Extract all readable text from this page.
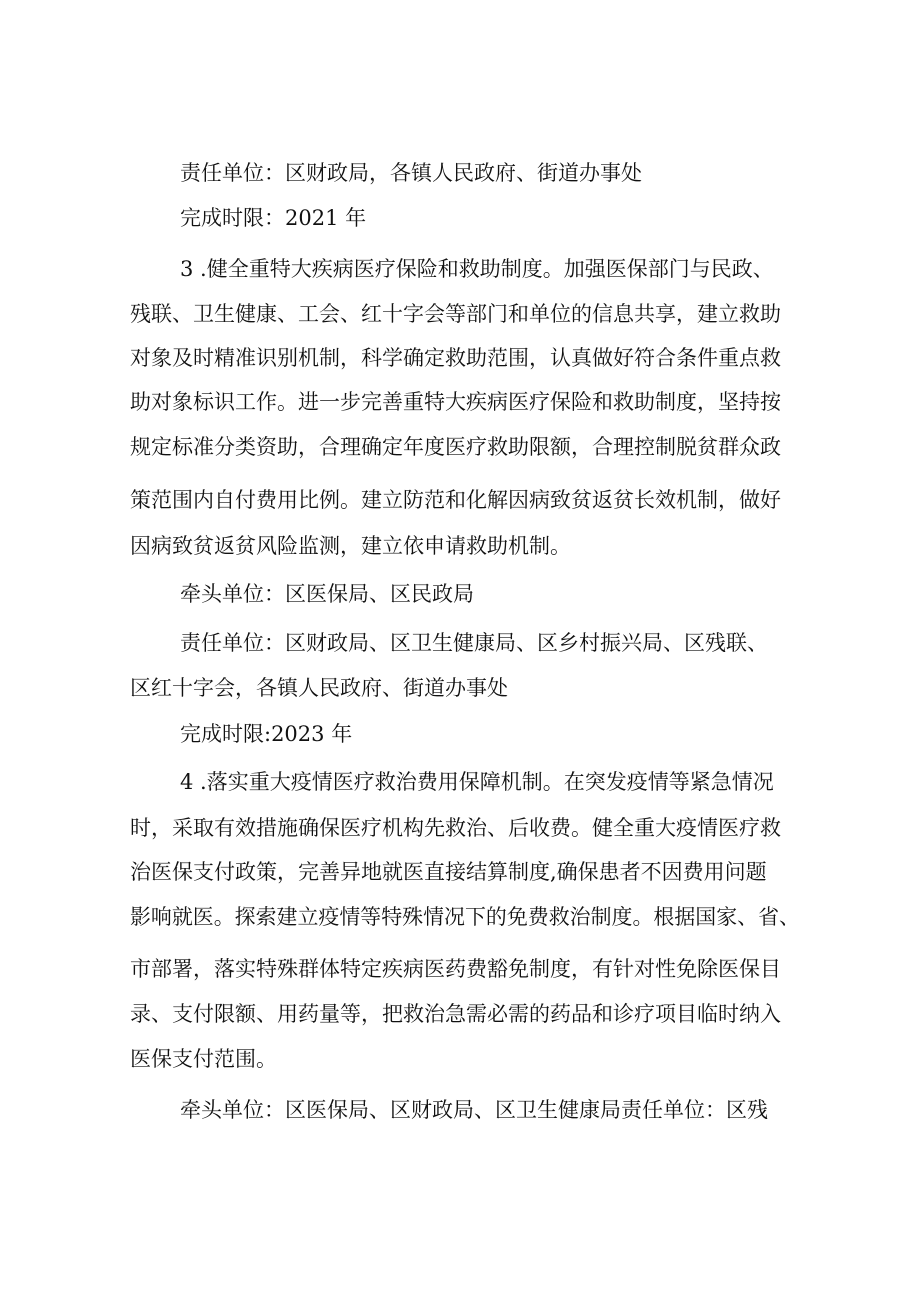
责任单位：区财政局，各镇人民政府、街道办事处
完成时限：2021 年
3 .健全重特大疾病医疗保险和救助制度。加强医保部门与民政、
残联、卫生健康、工会、红十字会等部门和单位的信息共享，建立救助
对象及时精准识别机制，科学确定救助范围，认真做好符合条件重点救
助对象标识工作。进一步完善重特大疾病医疗保险和救助制度，坚持按
规定标准分类资助，合理确定年度医疗救助限额，合理控制脱贫群众政
策范围内自付费用比例。建立防范和化解因病致贫返贫长效机制，做好
因病致贫返贫风险监测，建立依申请救助机制。
牵头单位：区医保局、区民政局
责任单位：区财政局、区卫生健康局、区乡村振兴局、区残联、
区红十字会，各镇人民政府、街道办事处
完成时限:2023 年
4 .落实重大疫情医疗救治费用保障机制。在突发疫情等紧急情况
时，采取有效措施确保医疗机构先救治、后收费。健全重大疫情医疗救
治医保支付政策，完善异地就医直接结算制度,确保患者不因费用问题
影响就医。探索建立疫情等特殊情况下的免费救治制度。根据国家、省、
市部署，落实特殊群体特定疾病医药费豁免制度，有针对性免除医保目
录、支付限额、用药量等，把救治急需必需的药品和诊疗项目临时纳入
医保支付范围。
牵头单位：区医保局、区财政局、区卫生健康局责任单位：区残
